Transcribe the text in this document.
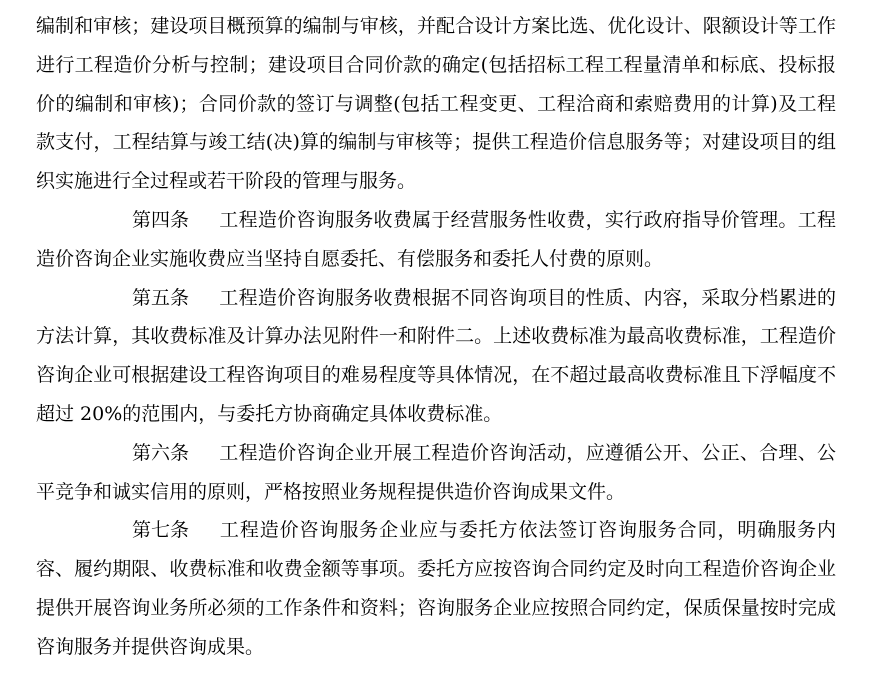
编制和审核；建设项目概预算的编制与审核，并配合设计方案比选、优化设计、限额设计等工作进行工程造价分析与控制；建设项目合同价款的确定(包括招标工程工程量清单和标底、投标报价的编制和审核)；合同价款的签订与调整(包括工程变更、工程洽商和索赔费用的计算)及工程款支付，工程结算与竣工结(决)算的编制与审核等；提供工程造价信息服务等；对建设项目的组织实施进行全过程或若干阶段的管理与服务。

第四条 工程造价咨询服务收费属于经营服务性收费，实行政府指导价管理。工程造价咨询企业实施收费应当坚持自愿委托、有偿服务和委托人付费的原则。

第五条 工程造价咨询服务收费根据不同咨询项目的性质、内容，采取分档累进的方法计算，其收费标准及计算办法见附件一和附件二。上述收费标准为最高收费标准，工程造价咨询企业可根据建设工程咨询项目的难易程度等具体情况，在不超过最高收费标准且下浮幅度不超过 20%的范围内，与委托方协商确定具体收费标准。

第六条 工程造价咨询企业开展工程造价咨询活动，应遵循公开、公正、合理、公平竞争和诚实信用的原则，严格按照业务规程提供造价咨询成果文件。

第七条 工程造价咨询服务企业应与委托方依法签订咨询服务合同，明确服务内容、履约期限、收费标准和收费金额等事项。委托方应按咨询合同约定及时向工程造价咨询企业提供开展咨询业务所必须的工作条件和资料；咨询服务企业应按照合同约定，保质保量按时完成咨询服务并提供咨询成果。
